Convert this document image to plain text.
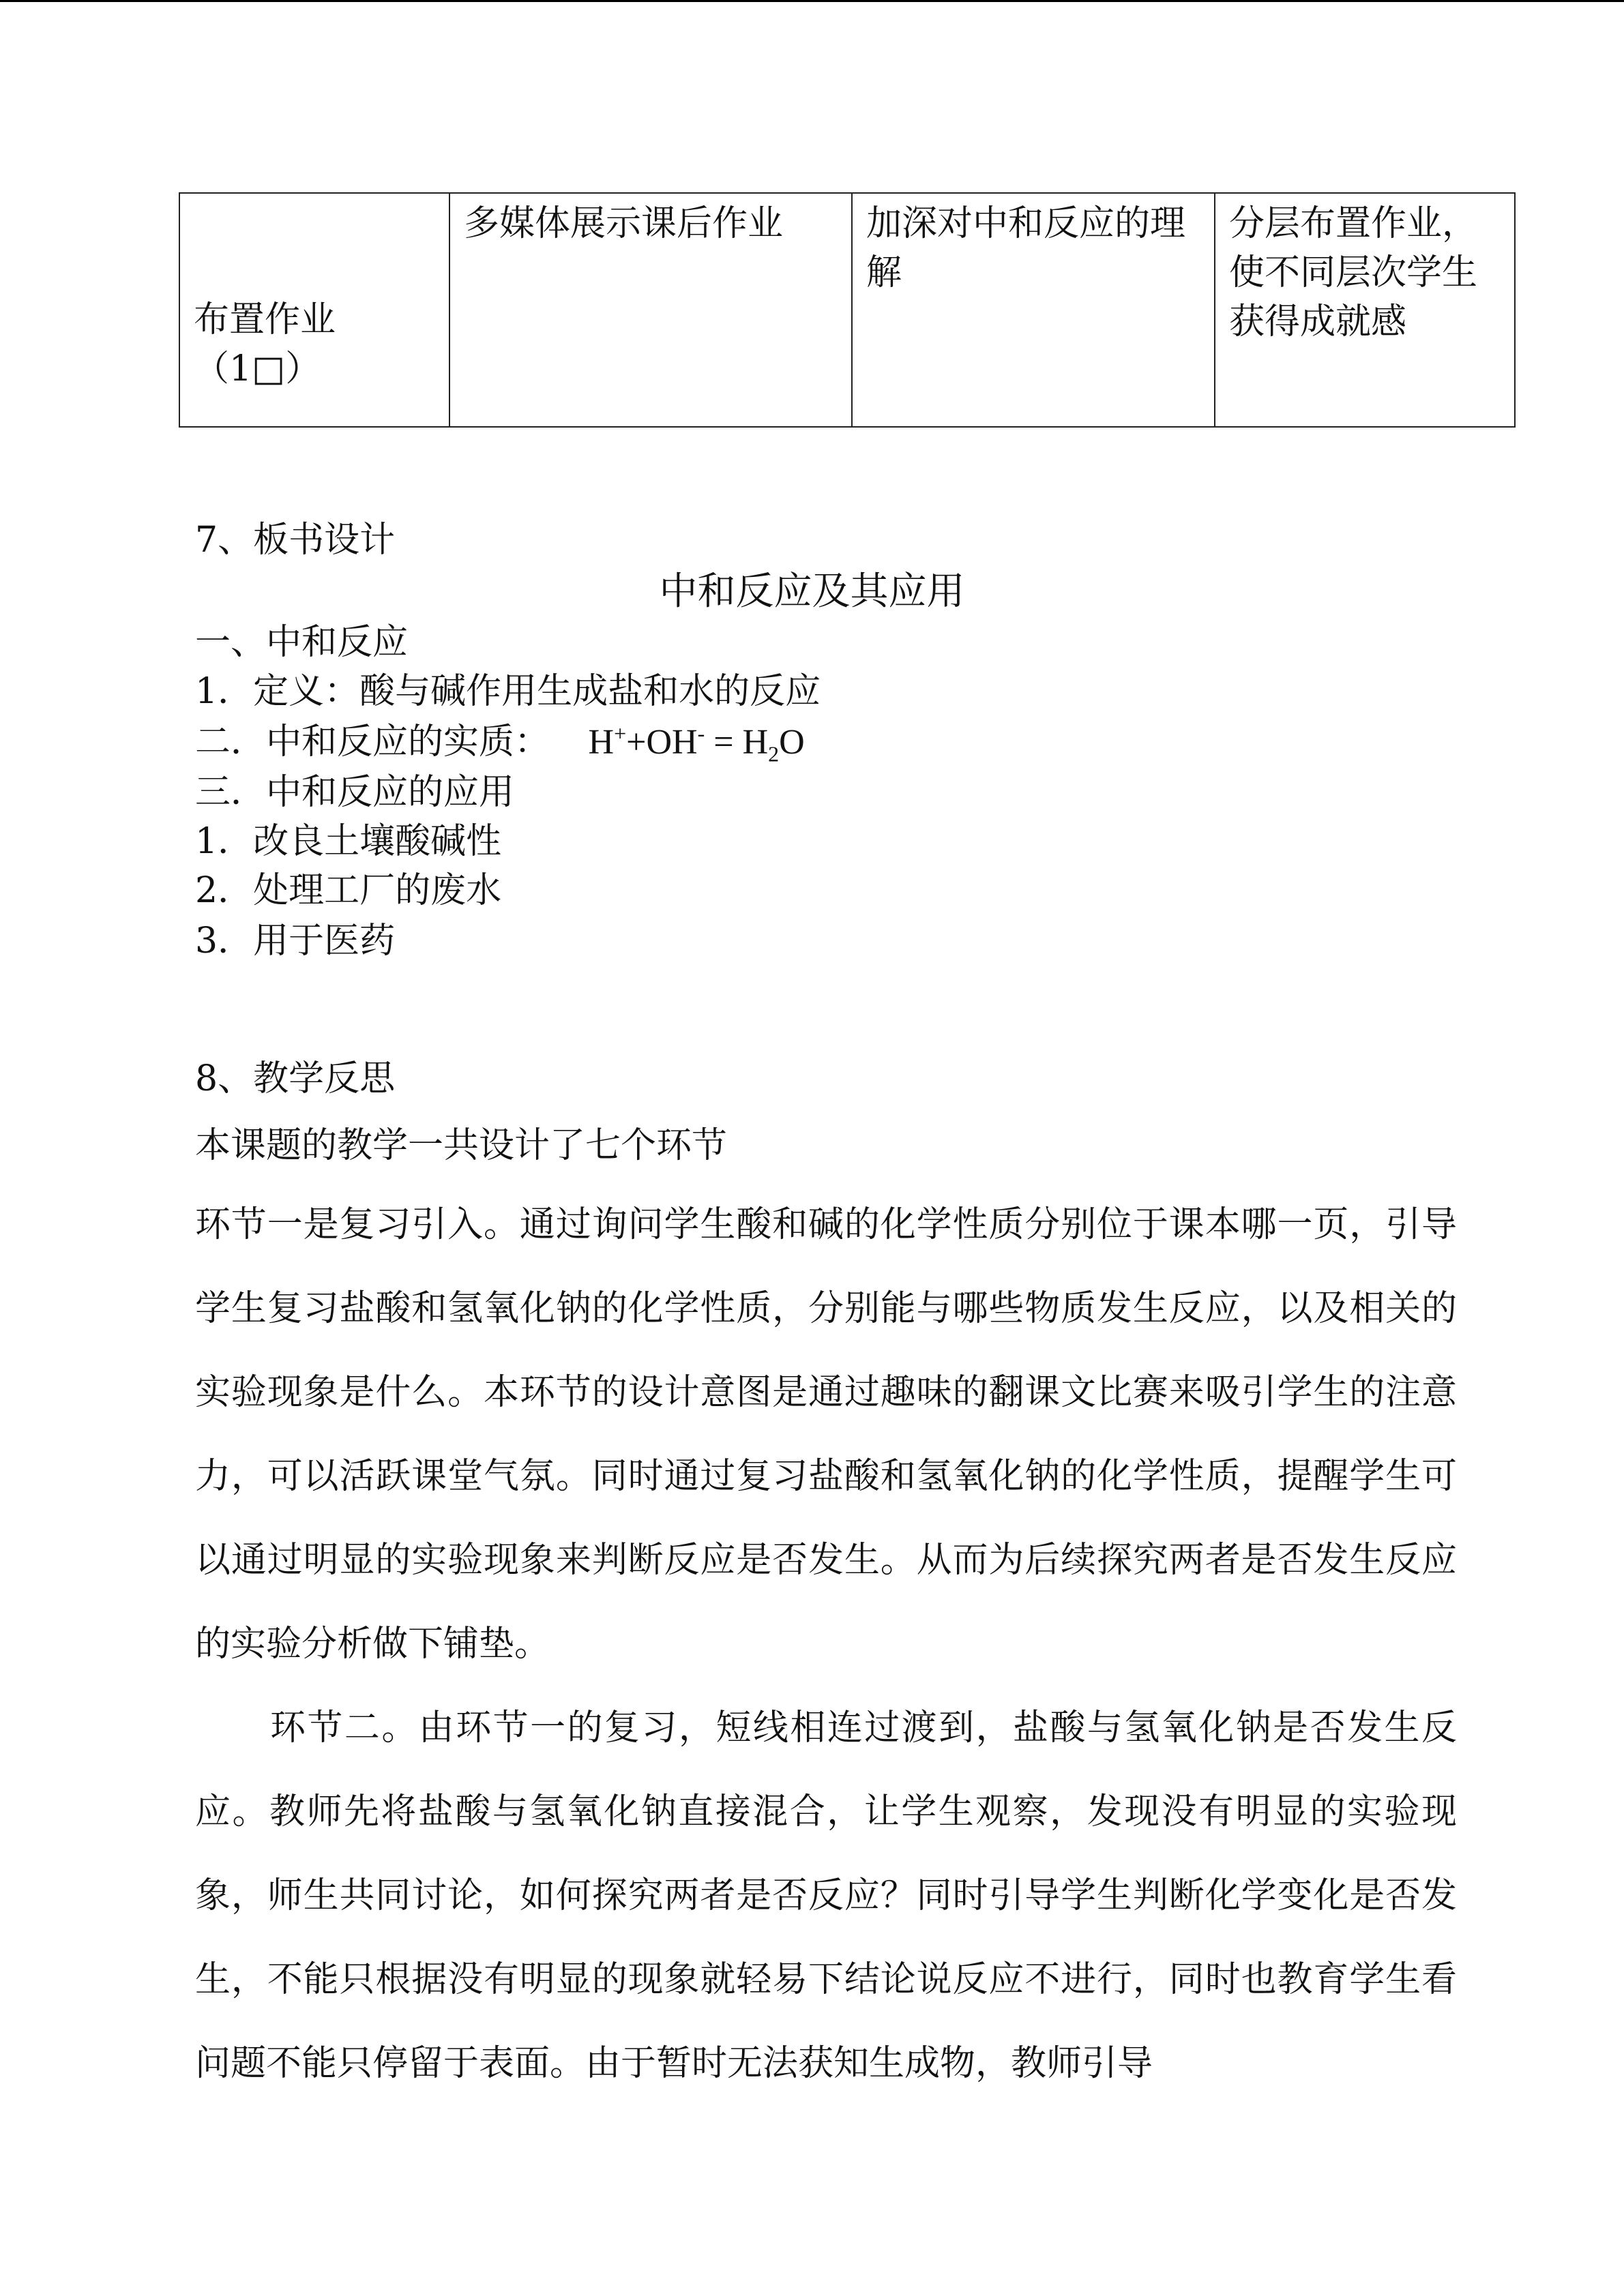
布置作业
（1□）
	多媒体展示课后作业	加深对中和反应的理解	分层布置作业，使不同层次学生获得成就感
7、板书设计
中和反应及其应用
一、中和反应
1．定义：酸与碱作用生成盐和水的反应
二．中和反应的实质： $H^++OH^- = H_2O$
三．中和反应的应用
1．改良土壤酸碱性
2．处理工厂的废水
3．用于医药
8、教学反思
本课题的教学一共设计了七个环节

环节一是复习引入。通过询问学生酸和碱的化学性质分别位于课本哪一页，引导学生复习盐酸和氢氧化钠的化学性质，分别能与哪些物质发生反应，以及相关的实验现象是什么。本环节的设计意图是通过趣味的翻课文比赛来吸引学生的注意力，可以活跃课堂气氛。同时通过复习盐酸和氢氧化钠的化学性质，提醒学生可以通过明显的实验现象来判断反应是否发生。从而为后续探究两者是否发生反应的实验分析做下铺垫。

环节二。由环节一的复习，短线相连过渡到，盐酸与氢氧化钠是否发生反应。教师先将盐酸与氢氧化钠直接混合，让学生观察，发现没有明显的实验现象，师生共同讨论，如何探究两者是否反应？同时引导学生判断化学变化是否发生，不能只根据没有明显的现象就轻易下结论说反应不进行，同时也教育学生看问题不能只停留于表面。由于暂时无法获知生成物，教师引导
